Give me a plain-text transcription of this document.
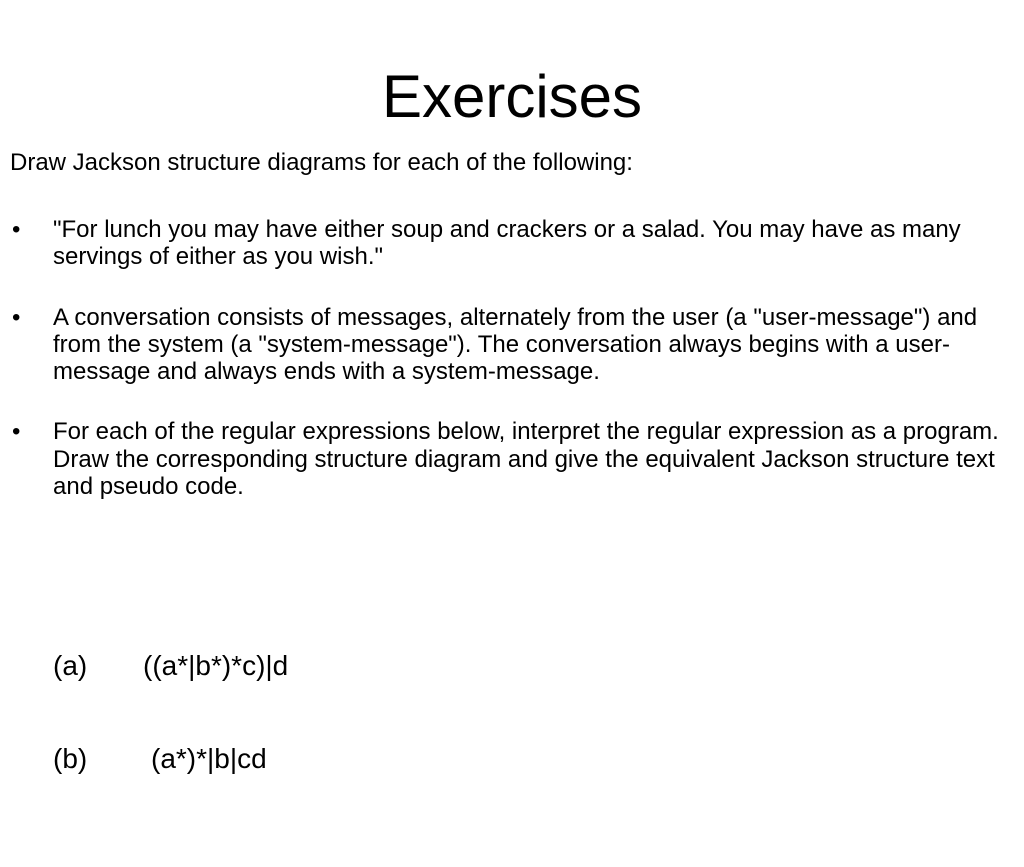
Exercises

Draw Jackson structure diagrams for each of the following:

• "For lunch you may have either soup and crackers or a salad. You may have as many servings of either as you wish."
• A conversation consists of messages, alternately from the user (a "user-message") and from the system (a "system-message"). The conversation always begins with a user-message and always ends with a system-message.
• For each of the regular expressions below, interpret the regular expression as a program. Draw the corresponding structure diagram and give the equivalent Jackson structure text and pseudo code.

(a)

((a*|b*)*c)|d

(b)

(a*)*|b|cd
